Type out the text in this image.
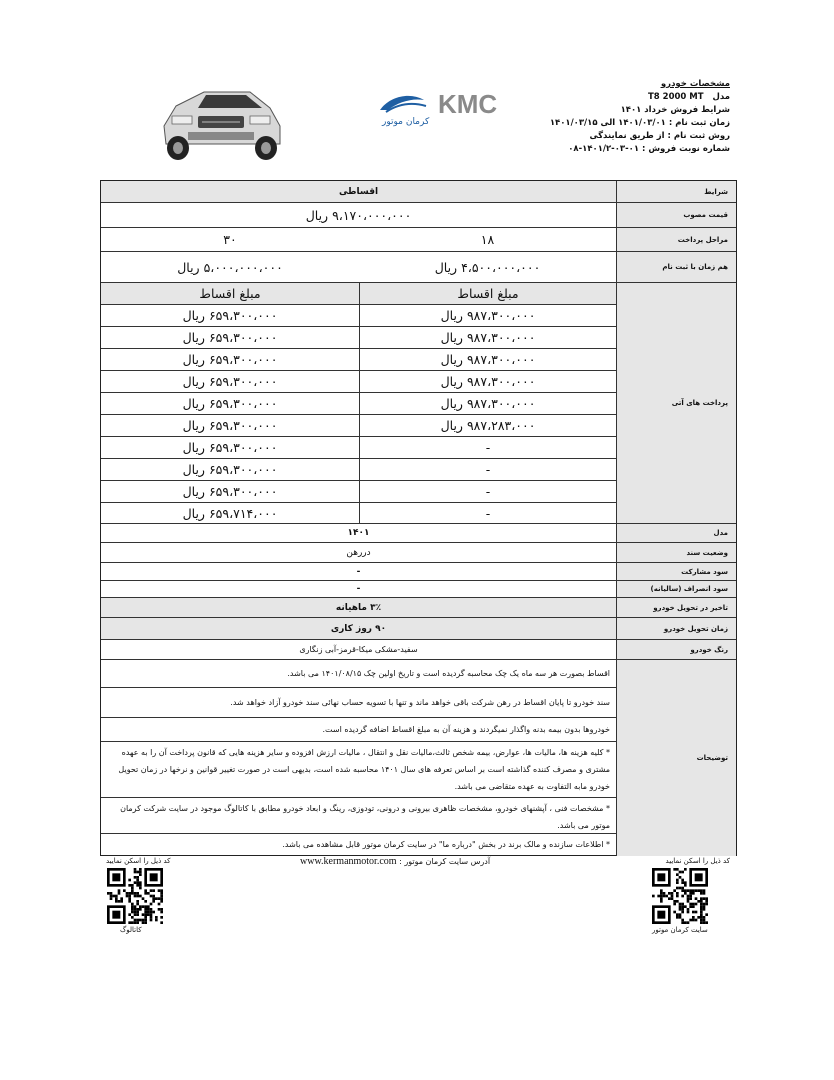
مشخصات خودرو
مدل   T8 2000 MT
شرایط فروش خرداد ۱۴۰۱
زمان ثبت نام : ۱۴۰۱/۰۳/۰۱ الی ۱۴۰۱/۰۳/۱۵
روش ثبت نام : از طریق نمایندگی
شماره نوبت فروش : ۰۱-۰۳-۱۴۰۱/۲-۰۸
KMC
کرمان موتور
شرایط
اقساطی
قیمت مصوب
۹،۱۷۰،۰۰۰،۰۰۰ ریال
مراحل پرداخت
۱۸
۳۰
هم زمان با ثبت نام
۴،۵۰۰،۰۰۰،۰۰۰ ریال
۵،۰۰۰،۰۰۰،۰۰۰ ریال
پرداخت های آتی
مبلغ اقساط
مبلغ اقساط
۹۸۷،۳۰۰،۰۰۰ ریال
۶۵۹،۳۰۰،۰۰۰ ریال
۹۸۷،۳۰۰،۰۰۰ ریال
۶۵۹،۳۰۰،۰۰۰ ریال
۹۸۷،۳۰۰،۰۰۰ ریال
۶۵۹،۳۰۰،۰۰۰ ریال
۹۸۷،۳۰۰،۰۰۰ ریال
۶۵۹،۳۰۰،۰۰۰ ریال
۹۸۷،۳۰۰،۰۰۰ ریال
۶۵۹،۳۰۰،۰۰۰ ریال
۹۸۷،۲۸۳،۰۰۰ ریال
۶۵۹،۳۰۰،۰۰۰ ریال
-
۶۵۹،۳۰۰،۰۰۰ ریال
-
۶۵۹،۳۰۰،۰۰۰ ریال
-
۶۵۹،۳۰۰،۰۰۰ ریال
-
۶۵۹،۷۱۴،۰۰۰ ریال
مدل
۱۴۰۱
وضعیت سند
دررهن
سود مشارکت
-
سود انصراف (سالیانه)
-
تاخیر در تحویل خودرو
۳٪ ماهیانه
زمان تحویل خودرو
۹۰ روز کاری
رنگ خودرو
سفید-مشکی میکا-قرمز-آبی زنگاری
توضیحات
اقساط بصورت هر سه ماه یک چک محاسبه گردیده است و تاریخ اولین چک ۱۴۰۱/۰۸/۱۵ می باشد.
سند خودرو تا پایان اقساط در رهن شرکت باقی خواهد ماند و تنها با تسویه حساب نهائی سند خودرو آزاد خواهد شد.
خودروها بدون بیمه بدنه واگذار نمیگردند و هزینه آن به مبلغ اقساط اضافه گردیده است.
* کلیه هزینه ها، مالیات ها، عوارض، بیمه شخص ثالث،مالیات نقل و انتقال ، مالیات ارزش افزوده و سایر هزینه هایی که قانون پرداخت آن را به عهده مشتری و مصرف کننده گذاشته است بر اساس تعرفه های سال ۱۴۰۱ محاسبه شده است، بدیهی است در صورت تغییر قوانین و نرخها در زمان تحویل خودرو مابه التفاوت به عهده متقاضی می باشد.
* مشخصات فنی ، آپشنهای خودرو، مشخصات ظاهری بیرونی و درونی، تودوزی، رینگ و ابعاد خودرو مطابق با کاتالوگ موجود در سایت شرکت کرمان موتور می باشد.
* اطلاعات سازنده و مالک برند در بخش "درباره ما" در سایت کرمان موتور قابل مشاهده می باشد.
کد ذیل را اسکن نمایید
کد ذیل را اسکن نمایید	آدرس سایت کرمان موتور : www.kermanmotor.com
سایت کرمان موتور
کاتالوگ
